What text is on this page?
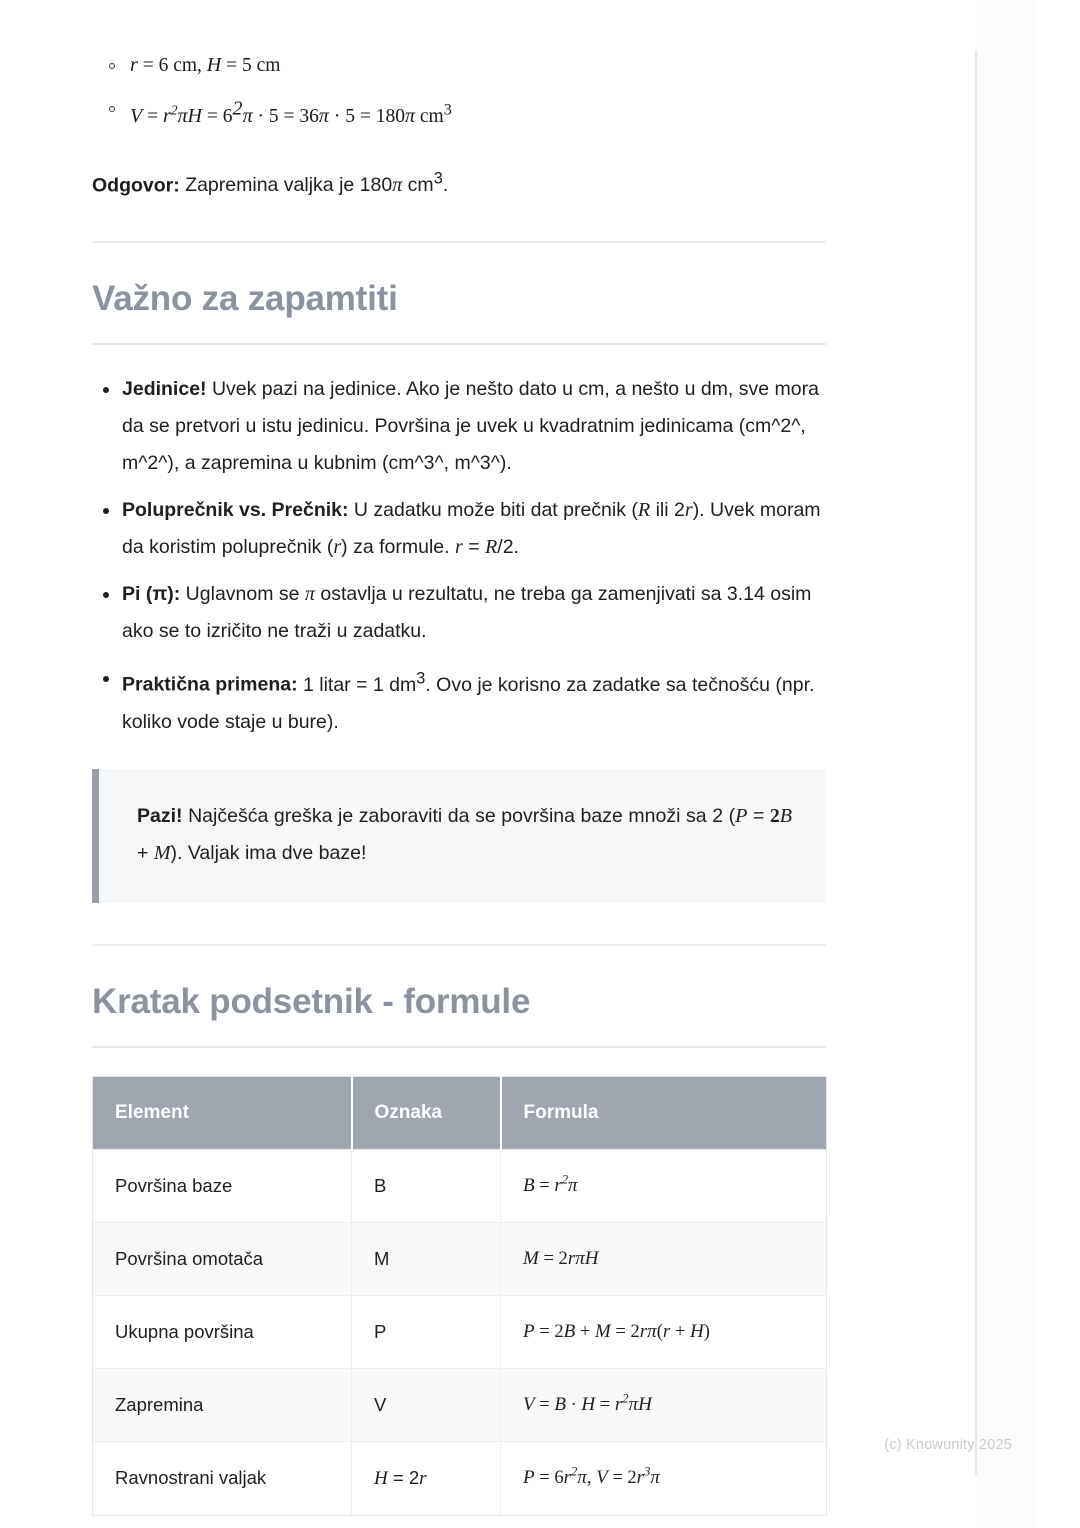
r = 6 cm, H = 5 cm
$V = r^2\pi H = 6^2\pi \cdot 5 = 36\pi \cdot 5 = 180\pi$ $cm^3$

Odgovor: Zapremina valjka je 180π $cm^3$.

Važno za zapamtiti
Jedinice! Uvek pazi na jedinice. Ako je nešto dato u cm, a nešto u dm, sve mora da se pretvori u istu jedinicu. Površina je uvek u kvadratnim jedinicama (cm^2^, m^2^), a zapremina u kubnim (cm^3^, m^3^).
Poluprečnik vs. Prečnik: U zadatku može biti dat prečnik (R ili 2r). Uvek moram da koristim poluprečnik (r) za formule. r = R/2.
Pi (π): Uglavnom se π ostavlja u rezultatu, ne treba ga zamenjivati sa 3.14 osim ako se to izričito ne traži u zadatku.
Praktična primena: 1 litar = 1 $dm^3$. Ovo je korisno za zadatke sa tečnošću (npr. koliko vode staje u bure).
Pazi! Najčešća greška je zaboraviti da se površina baze množi sa 2 (P = 2B + M). Valjak ima dve baze!
Kratak podsetnik - formule
Element	Oznaka	Formula
Površina baze	B	$B = r^2\pi$
Površina omotača	M	M = 2rπH
Ukupna površina	P	P = 2B + M = 2rπ(r + H)
Zapremina	V	$V = B \cdot H = r^2\pi H$
Ravnostrani valjak	H = 2r	$P = 6r^2\pi$, $V = 2r^3\pi$
(c) Knowunity 2025
